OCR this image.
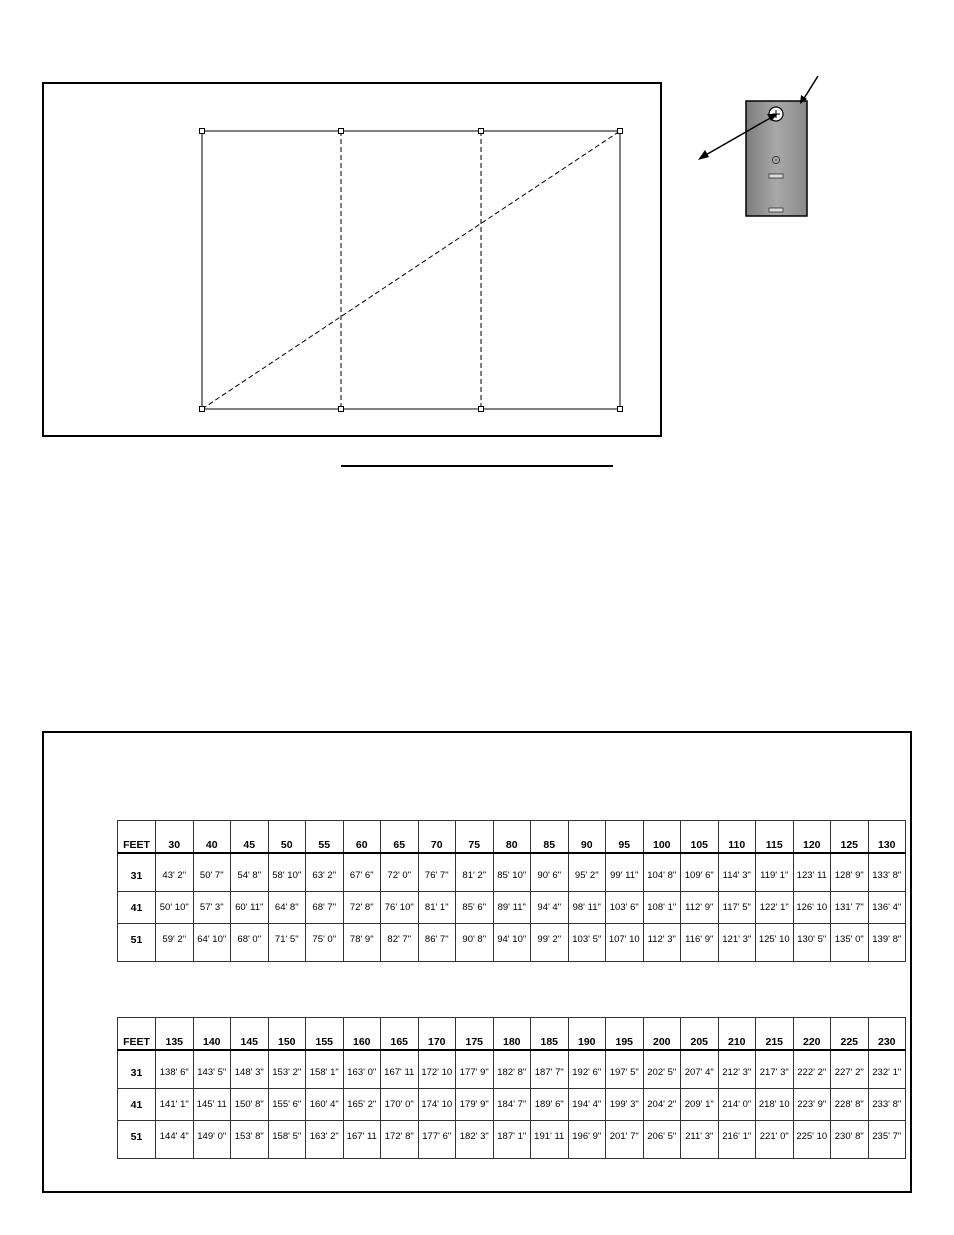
FEET	30	40	45	50	55	60	65	70	75	80	85	90	95	100	105	110	115	120	125	130
31	43' 2"	50' 7"	54' 8"	58' 10"	63' 2"	67' 6"	72' 0"	76' 7"	81' 2"	85' 10"	90' 6"	95' 2"	99' 11"	104' 8"	109' 6"	114' 3"	119' 1"	123' 11	128' 9"	133' 8"
41	50' 10"	57' 3"	60' 11"	64' 8"	68' 7"	72' 8"	76' 10"	81' 1"	85' 6"	89' 11"	94' 4"	98' 11"	103' 6"	108' 1"	112' 9"	117' 5"	122' 1"	126' 10	131' 7"	136' 4"
51	59' 2"	64' 10"	68' 0"	71' 5"	75' 0"	78' 9"	82' 7"	86' 7"	90' 8"	94' 10"	99' 2"	103' 5"	107' 10	112' 3"	116' 9"	121' 3"	125' 10	130' 5"	135' 0"	139' 8"
FEET	135	140	145	150	155	160	165	170	175	180	185	190	195	200	205	210	215	220	225	230
31	138' 6"	143' 5"	148' 3"	153' 2"	158' 1"	163' 0"	167' 11	172' 10	177' 9"	182' 8"	187' 7"	192' 6"	197' 5"	202' 5"	207' 4"	212' 3"	217' 3"	222' 2"	227' 2"	232' 1"
41	141' 1"	145' 11	150' 8"	155' 6"	160' 4"	165' 2"	170' 0"	174' 10	179' 9"	184' 7"	189' 6"	194' 4"	199' 3"	204' 2"	209' 1"	214' 0"	218' 10	223' 9"	228' 8"	233' 8"
51	144' 4"	149' 0"	153' 8"	158' 5"	163' 2"	167' 11	172' 8"	177' 6"	182' 3"	187' 1"	191' 11	196' 9"	201' 7"	206' 5"	211' 3"	216' 1"	221' 0"	225' 10	230' 8"	235' 7"
